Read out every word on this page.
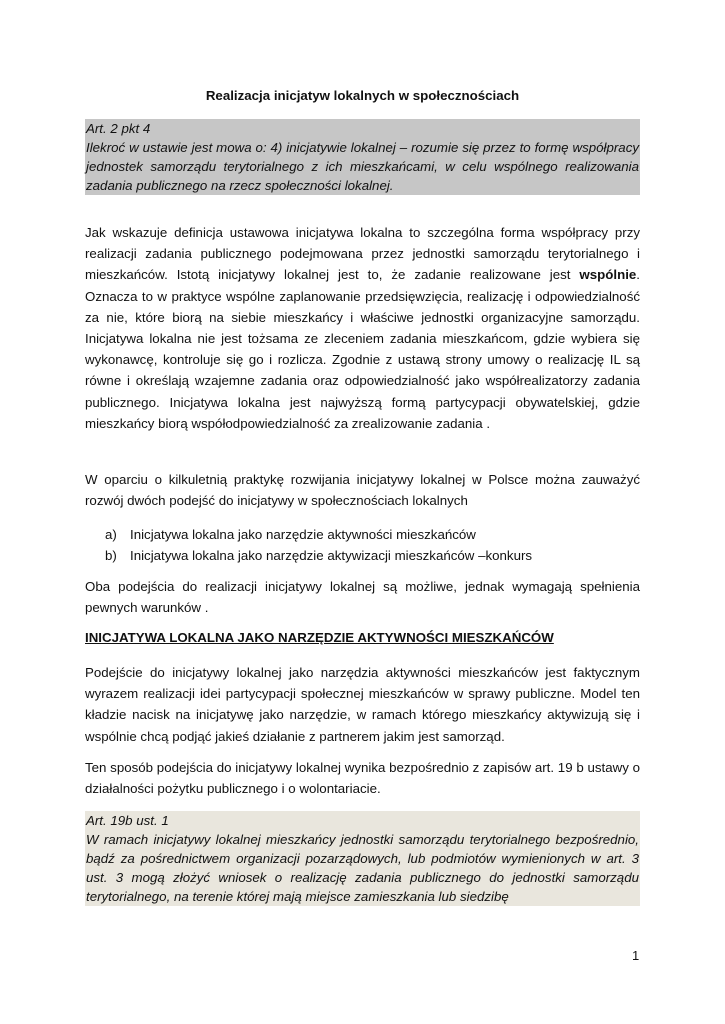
Realizacja inicjatyw lokalnych w społecznościach
Art. 2 pkt 4
Ilekroć w ustawie jest mowa o: 4) inicjatywie lokalnej – rozumie się przez to formę współpracy jednostek samorządu terytorialnego z ich mieszkańcami, w celu wspólnego realizowania zadania publicznego na rzecz społeczności lokalnej.
Jak wskazuje definicja ustawowa inicjatywa lokalna to szczególna forma współpracy przy realizacji zadania publicznego podejmowana przez jednostki samorządu terytorialnego i mieszkańców. Istotą inicjatywy lokalnej jest to, że zadanie realizowane jest wspólnie. Oznacza to w praktyce wspólne zaplanowanie przedsięwzięcia, realizację i odpowiedzialność za nie, które biorą na siebie mieszkańcy i właściwe jednostki organizacyjne samorządu. Inicjatywa lokalna nie jest tożsama ze zleceniem zadania mieszkańcom, gdzie wybiera się wykonawcę, kontroluje się go i rozlicza. Zgodnie z ustawą strony umowy o realizację IL są równe i określają wzajemne zadania oraz odpowiedzialność jako współrealizatorzy zadania publicznego. Inicjatywa lokalna jest najwyższą formą partycypacji obywatelskiej, gdzie mieszkańcy biorą współodpowiedzialność za zrealizowanie zadania .
W oparciu o kilkuletnią praktykę rozwijania inicjatywy lokalnej w Polsce można zauważyć rozwój dwóch podejść do inicjatywy w społecznościach lokalnych
a) Inicjatywa lokalna jako narzędzie aktywności mieszkańców
b) Inicjatywa lokalna jako narzędzie aktywizacji mieszkańców –konkurs
Oba podejścia do realizacji inicjatywy lokalnej są możliwe, jednak wymagają spełnienia pewnych warunków .
INICJATYWA LOKALNA JAKO NARZĘDZIE AKTYWNOŚCI MIESZKAŃCÓW
Podejście do inicjatywy lokalnej jako narzędzia aktywności mieszkańców jest faktycznym wyrazem realizacji idei partycypacji społecznej mieszkańców w sprawy publiczne. Model ten kładzie nacisk na inicjatywę jako narzędzie, w ramach którego mieszkańcy aktywizują się i wspólnie chcą podjąć jakieś działanie z partnerem jakim jest samorząd.
Ten sposób podejścia do inicjatywy lokalnej wynika bezpośrednio z zapisów art. 19 b ustawy o działalności pożytku publicznego i o wolontariacie.
Art. 19b ust. 1
W ramach inicjatywy lokalnej mieszkańcy jednostki samorządu terytorialnego bezpośrednio, bądź za pośrednictwem organizacji pozarządowych, lub podmiotów wymienionych w art. 3 ust. 3 mogą złożyć wniosek o realizację zadania publicznego do jednostki samorządu terytorialnego, na terenie której mają miejsce zamieszkania lub siedzibę
1
